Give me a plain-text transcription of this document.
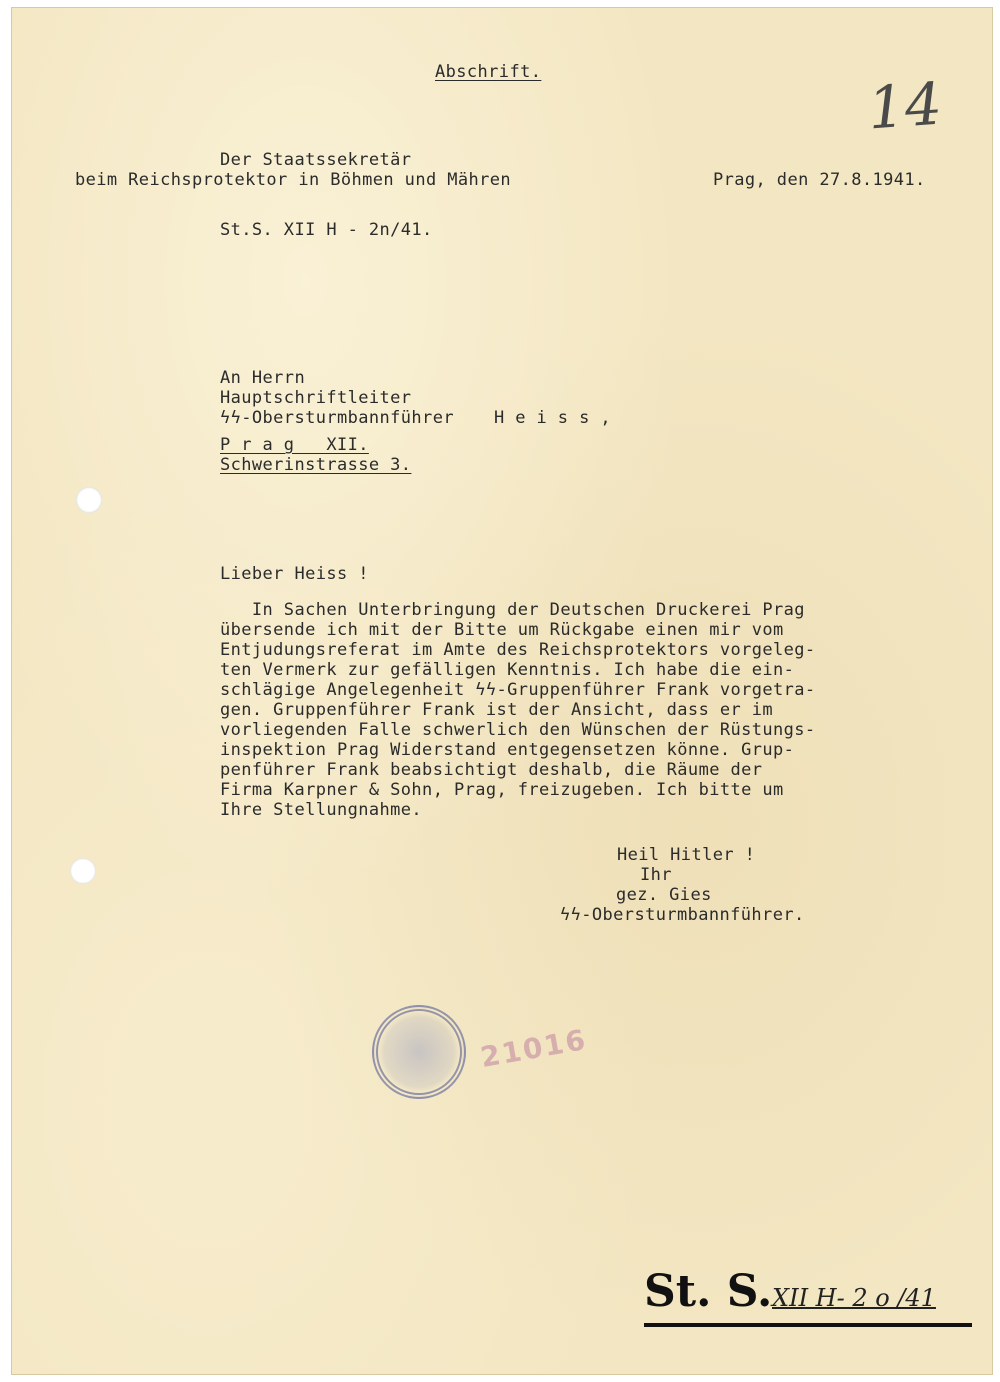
14

Abschrift.

Der Staatssekretär

beim Reichsprotektor in Böhmen und Mähren	Prag, den 27.8.1941.

St.S. XII H - 2n/41.

An Herrn

Hauptschriftleiter

ϟϟ-Obersturmbannführer H e i s s ,

P r a g   XII.

Schwerinstrasse 3.

Lieber Heiss !

In Sachen Unterbringung der Deutschen Druckerei Prag

übersende ich mit der Bitte um Rückgabe einen mir vom

Entjudungsreferat im Amte des Reichsprotektors vorgeleg-

ten Vermerk zur gefälligen Kenntnis. Ich habe die ein-

schlägige Angelegenheit ϟϟ-Gruppenführer Frank vorgetra-

gen. Gruppenführer Frank ist der Ansicht, dass er im

vorliegenden Falle schwerlich den Wünschen der Rüstungs-

inspektion Prag Widerstand entgegensetzen könne. Grup-

penführer Frank beabsichtigt deshalb, die Räume der

Firma Karpner & Sohn, Prag, freizugeben. Ich bitte um

Ihre Stellungnahme.

Heil Hitler !

Ihr

gez. Gies

ϟϟ-Obersturmbannführer.

21016
St. S. XII H- 2 o /41
